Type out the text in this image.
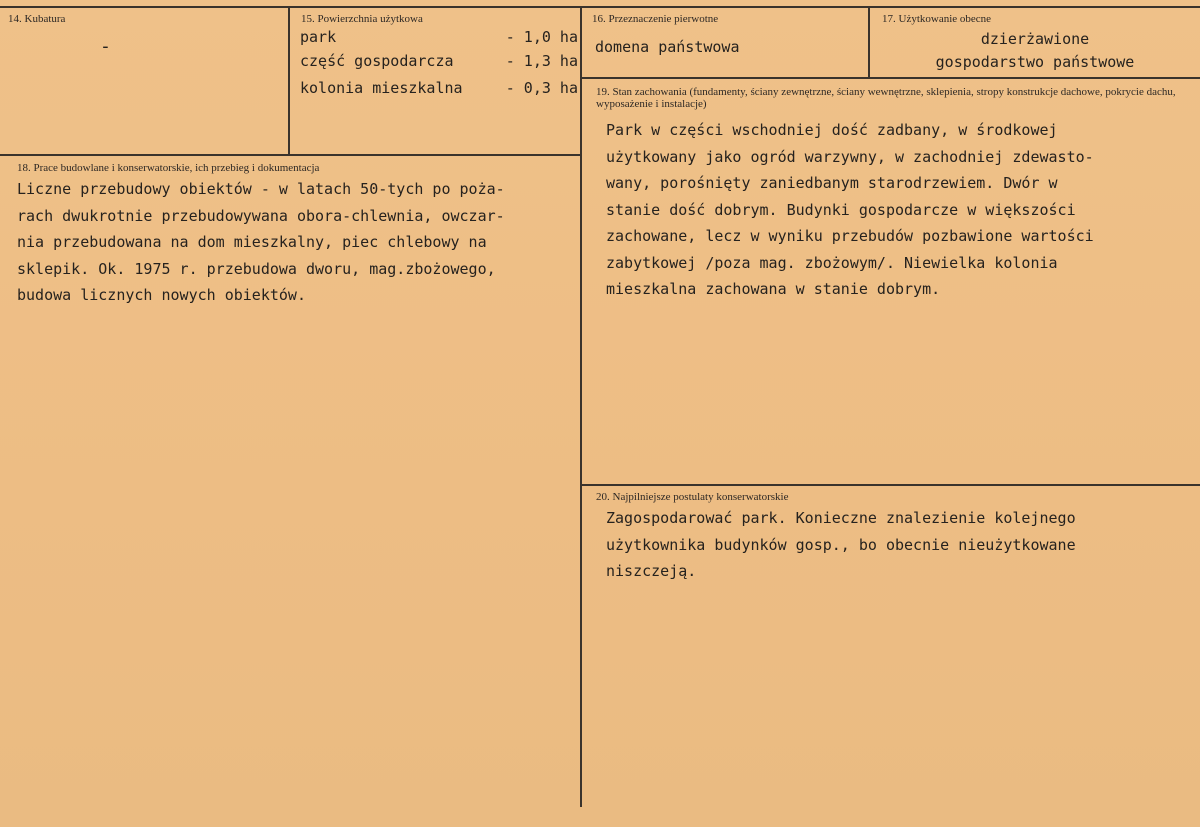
14. Kubatura
-
15. Powierzchnia użytkowa
park	- 1,0 ha
część gospodarcza	- 1,3 ha
kolonia mieszkalna	- 0,3 ha
16. Przeznaczenie pierwotne
domena państwowa
17. Użytkowanie obecne
dzierżawione
gospodarstwo państwowe
18. Prace budowlane i konserwatorskie, ich przebieg i dokumentacja
Liczne przebudowy obiektów - w latach 50-tych po poża-
rach dwukrotnie przebudowywana obora-chlewnia, owczar-
nia przebudowana na dom mieszkalny, piec chlebowy na
sklepik. Ok. 1975 r. przebudowa dworu, mag.zbożowego,
budowa licznych nowych obiektów.
19. Stan zachowania (fundamenty, ściany zewnętrzne, ściany wewnętrzne, sklepienia, stropy konstrukcje dachowe, pokrycie dachu, wyposażenie i instalacje)
Park w części wschodniej dość zadbany, w środkowej
użytkowany jako ogród warzywny, w zachodniej zdewasto-
wany, porośnięty zaniedbanym starodrzewiem. Dwór w
stanie dość dobrym. Budynki gospodarcze w większości
zachowane, lecz w wyniku przebudów pozbawione wartości
zabytkowej /poza mag. zbożowym/. Niewielka kolonia
mieszkalna zachowana w stanie dobrym.
20. Najpilniejsze postulaty konserwatorskie
Zagospodarować park. Konieczne znalezienie kolejnego
użytkownika budynków gosp., bo obecnie nieużytkowane
niszczeją.
